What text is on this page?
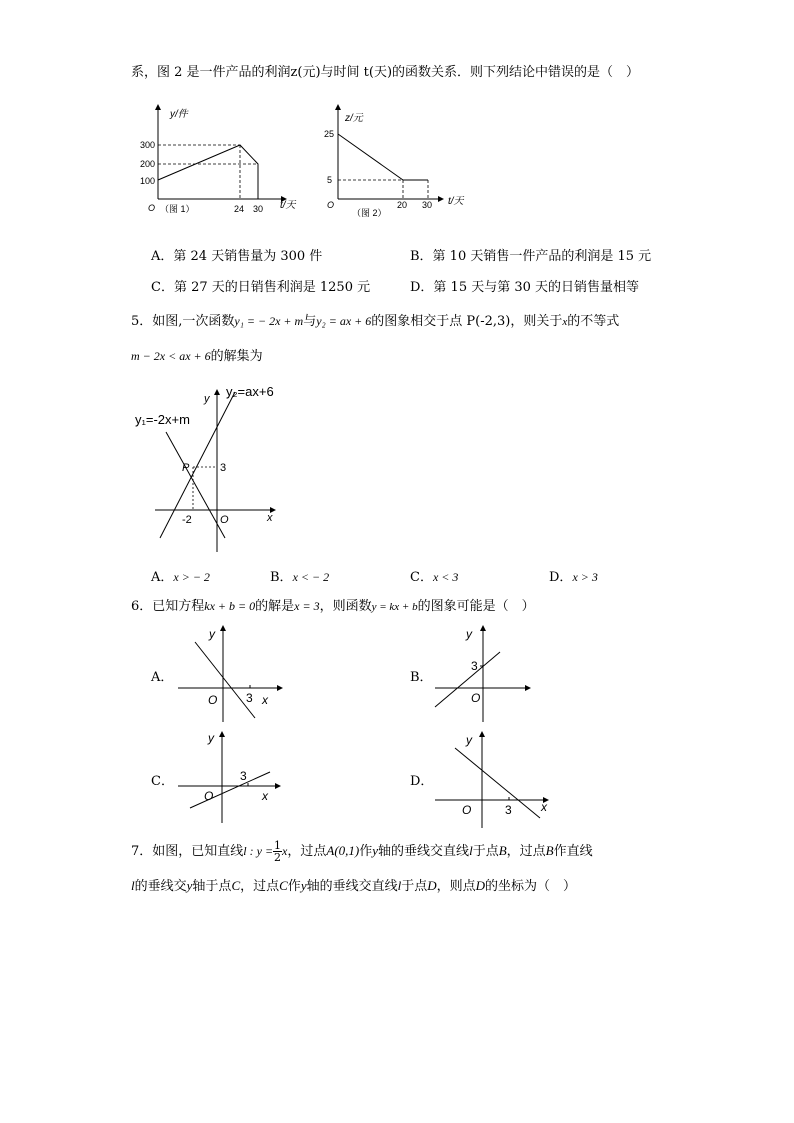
系，图 2 是一件产品的利润z(元)与时间 t(天)的函数关系．则下列结论中错误的是（　）
y/件
300
200
100
O （图 1）	24 30 t/天
z/元
25
5
O
（图 2）
20 30 t/天
A．第 24 天销售量为 300 件	B．第 10 天销售一件产品的利润是 15 元
C．第 27 天的日销售利润是 1250 元	D．第 15 天与第 30 天的日销售量相等
5．如图,一次函数y₁ = − 2x + m与y₂ = ax + 6的图象相交于点 P(-2,3)，则关于x的不等式
m − 2x < ax + 6的解集为
y₁=-2x+m
y₂=ax+6
y
P	3
-2	O	x
A．x > − 2	B．x < − 2	C．x < 3	D．x > 3
6．已知方程kx + b = 0的解是x = 3，则函数y = kx + b的图象可能是（　）
A．
y
O 3 x
B．
y
3
O
C．
y
3
O	x
D．
y
O	3 x
7．如图，已知直线l : $y = \frac{1}{2}$ x，过点A(0,1)作y轴的垂线交直线l于点B，过点B作直线
l的垂线交y轴于点C，过点C作y轴的垂线交直线l于点D，则点D的坐标为（　）
